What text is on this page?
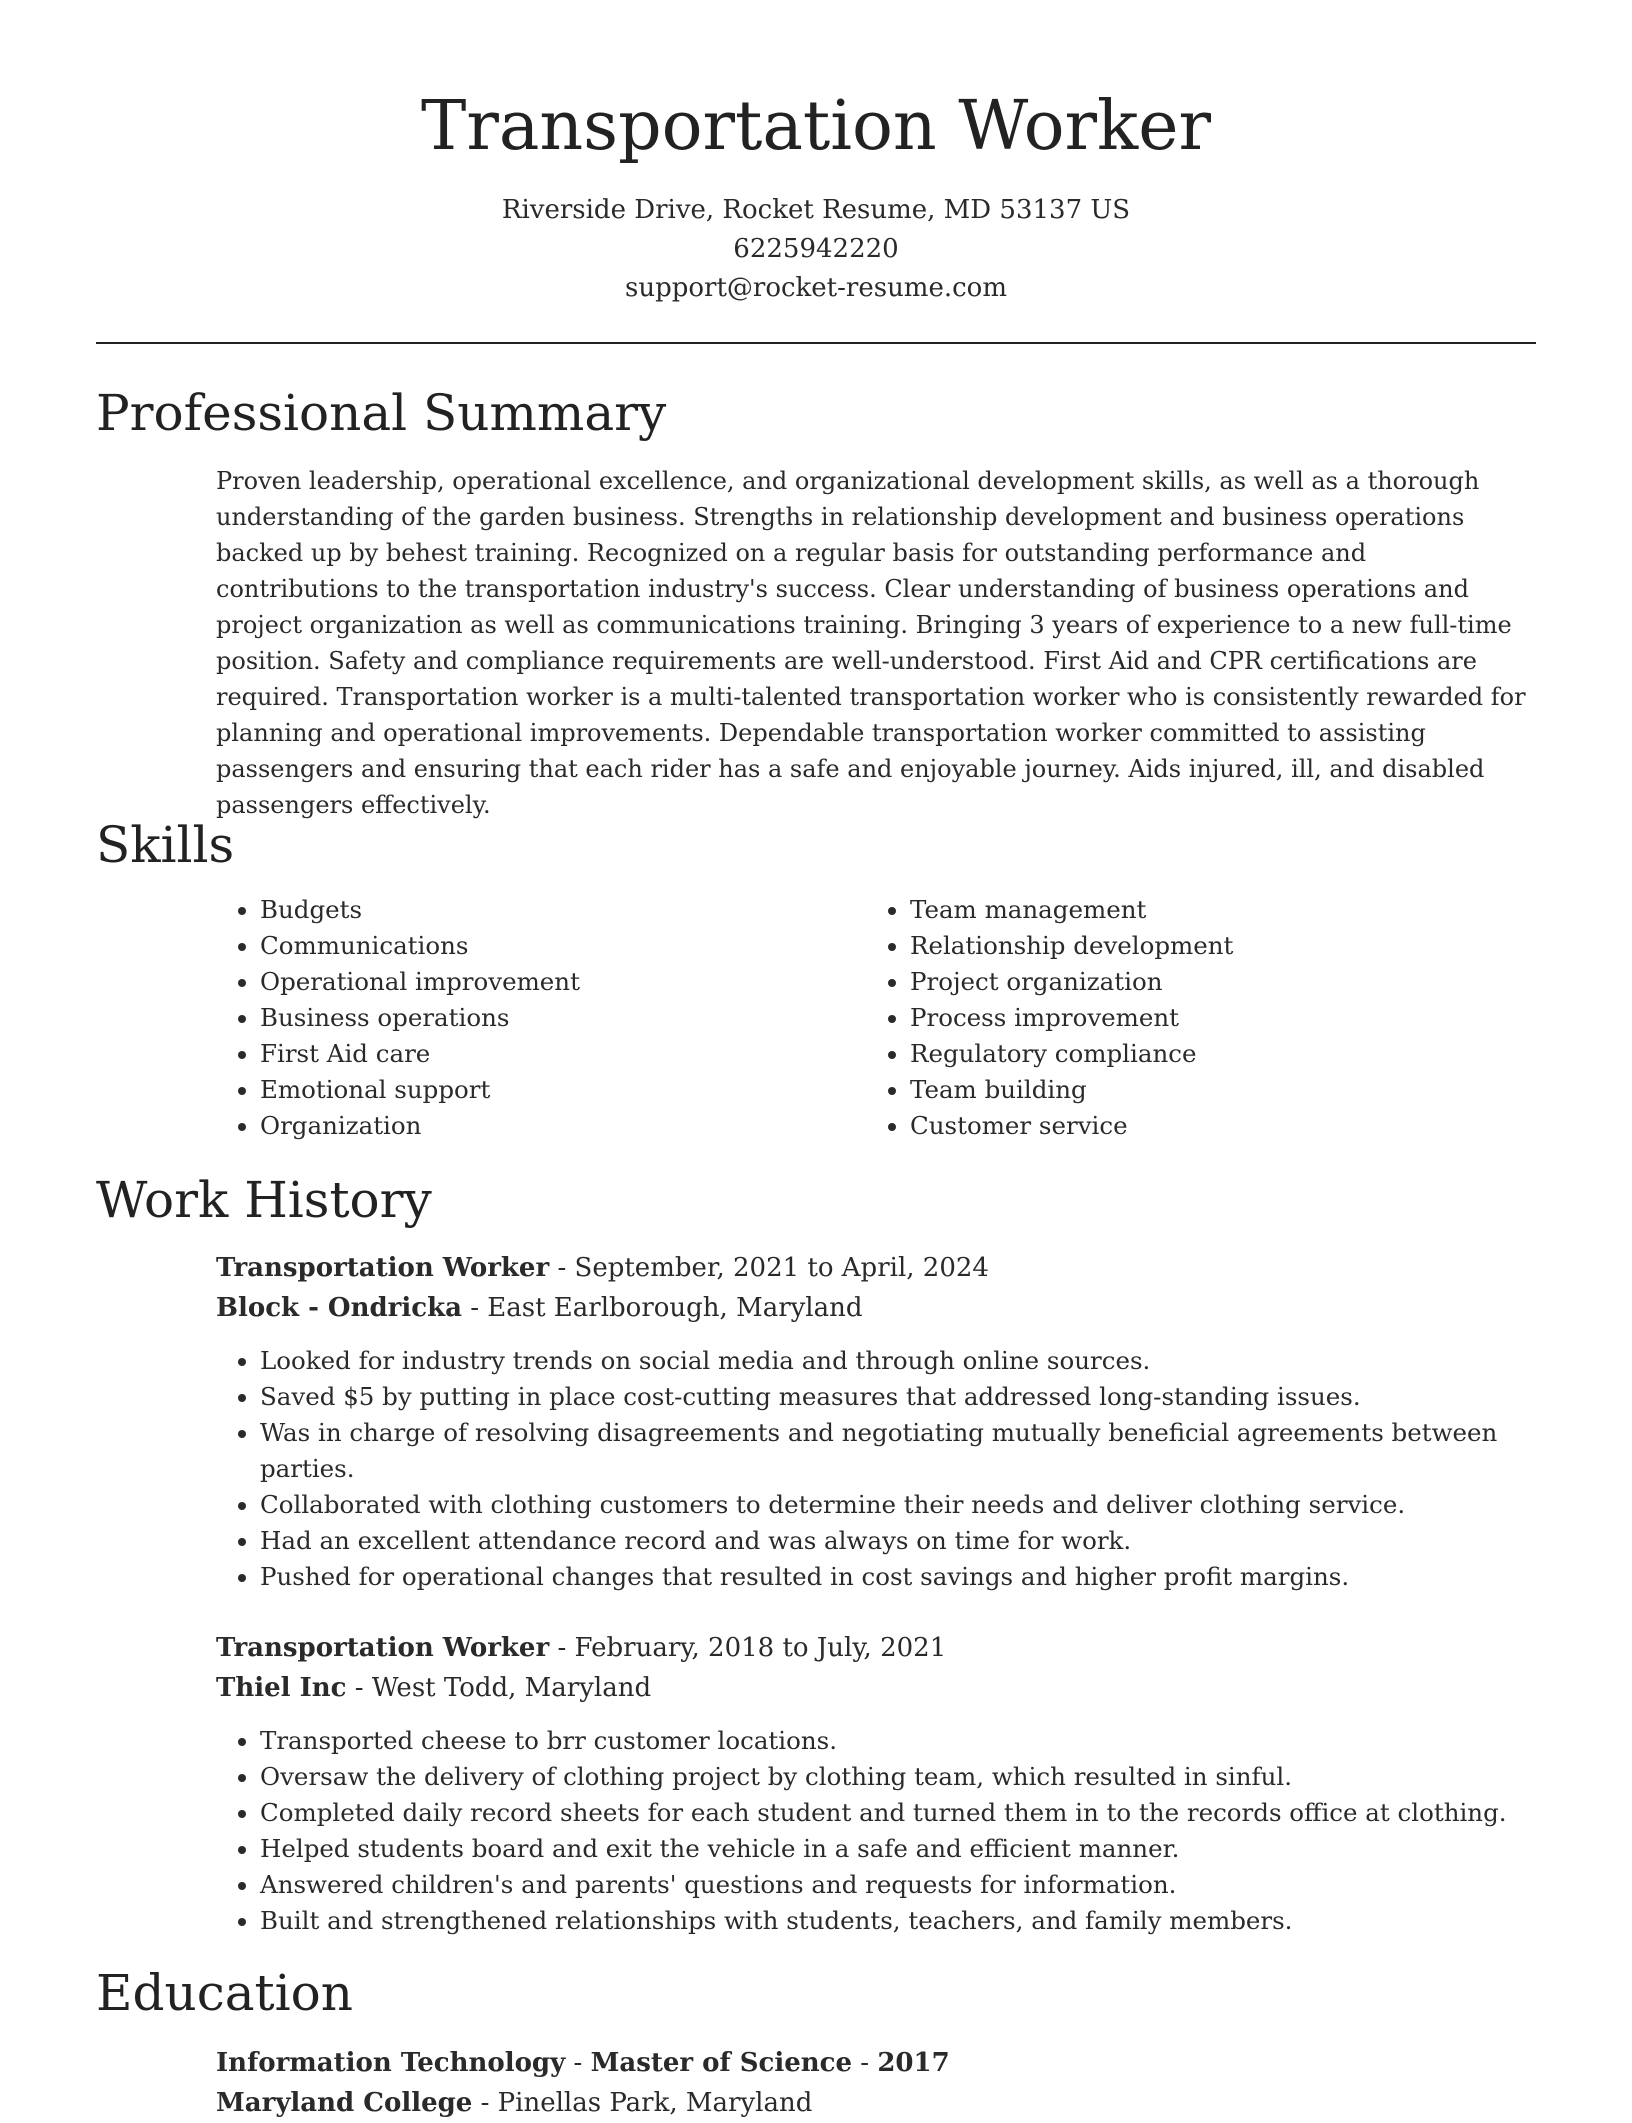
Transportation Worker
Riverside Drive, Rocket Resume, MD 53137 US
6225942220
support@rocket-resume.com
Professional Summary

Proven leadership, operational excellence, and organizational development skills, as well as a thorough understanding of the garden business. Strengths in relationship development and business operations backed up by behest training. Recognized on a regular basis for outstanding performance and contributions to the transportation industry's success. Clear understanding of business operations and project organization as well as communications training. Bringing 3 years of experience to a new full-time position. Safety and compliance requirements are well-understood. First Aid and CPR certifications are required. Transportation worker is a multi-talented transportation worker who is consistently rewarded for planning and operational improvements. Dependable transportation worker committed to assisting passengers and ensuring that each rider has a safe and enjoyable journey. Aids injured, ill, and disabled passengers effectively.

Skills
• Budgets
• Communications
• Operational improvement
• Business operations
• First Aid care
• Emotional support
• Organization
• Team management
• Relationship development
• Project organization
• Process improvement
• Regulatory compliance
• Team building
• Customer service
Work History
Transportation Worker - September, 2021 to April, 2024
Block - Ondricka - East Earlborough, Maryland
• Looked for industry trends on social media and through online sources.
• Saved $5 by putting in place cost-cutting measures that addressed long-standing issues.
• Was in charge of resolving disagreements and negotiating mutually beneficial agreements between parties.
• Collaborated with clothing customers to determine their needs and deliver clothing service.
• Had an excellent attendance record and was always on time for work.
• Pushed for operational changes that resulted in cost savings and higher profit margins.
Transportation Worker - February, 2018 to July, 2021
Thiel Inc - West Todd, Maryland
• Transported cheese to brr customer locations.
• Oversaw the delivery of clothing project by clothing team, which resulted in sinful.
• Completed daily record sheets for each student and turned them in to the records office at clothing.
• Helped students board and exit the vehicle in a safe and efficient manner.
• Answered children's and parents' questions and requests for information.
• Built and strengthened relationships with students, teachers, and family members.
Education
Information Technology - Master of Science - 2017
Maryland College - Pinellas Park, Maryland
